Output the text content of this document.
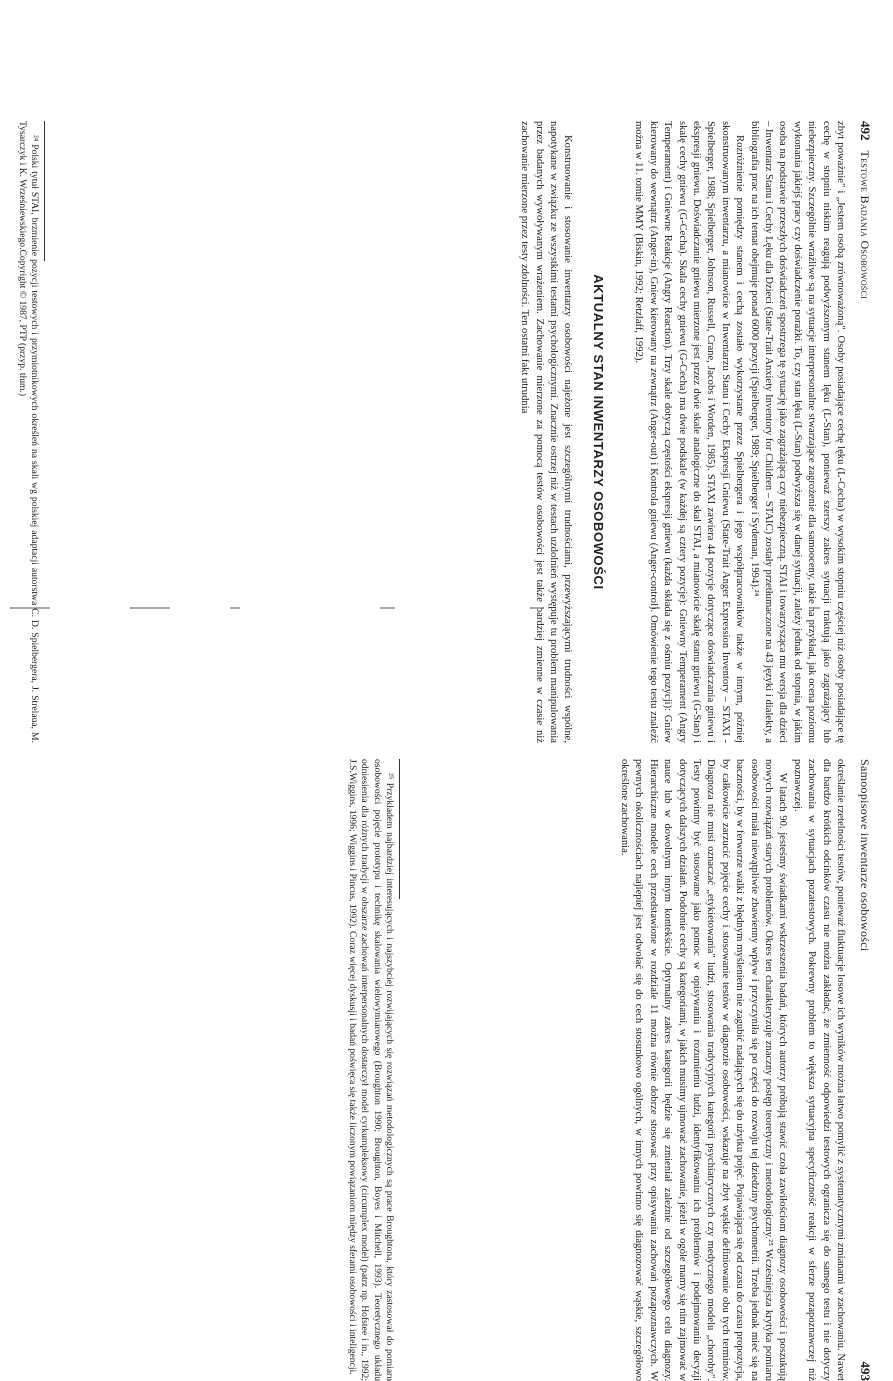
492
Testowe Badania Osobowości

zbyt poważnie" i „Jestem osobą zrównoważoną". Osoby posiadające cechę lęku (L-Cecha) w wysokim stopniu częściej niż osoby posiadające tę cechę w stopniu niskim reagują podwyższonym stanem lęku (L-Stan), ponieważ szerszy zakres sytuacji traktują jako zagrażający lub niebezpieczny. Szczególnie wrażliwe są na sytuacje interpersonalne stwarzające zagrożenie dla samooceny, takie na przykład, jak ocena poziomu wykonania jakiejś pracy czy doświadczenie porażki. To, czy stan lęku (L-Stan) podwyższa się w danej sytuacji, zależy jednak od stopnia, w jakim osoba na podstawie przeszłych doświadczeń spostrzega tę sytuację jako zagrażającą czy niebezpieczną. STAI i towarzysząca mu wersja dla dzieci – Inwentarz Stanu i Cechy Lęku dla Dzieci (State-Trait Anxiety Inventory for Children – STAIC) zostały przetłumaczone na 43 języki i dialekty, a bibliografia prac na ich temat obejmuje ponad 6000 pozycji (Spielberger, 1989; Spielberger i Sydeman, 1994).²⁴

Rozróżnienie pomiędzy stanem i cechą zostało wykorzystane przez Spielbergera i jego współpracowników także w innym, później skonstruowanym inwentarzu, a mianowicie w Inwentarzu Stanu i Cechy Ekspresji Gniewu (State-Trait Anger Expression Inventory – STAXI - Spielberger, 1988; Spielberger, Johnson, Russell, Crane, Jacobs i Worden, 1985). STAXI zawiera 44 pozycje dotyczące doświadczania gniewu i ekspresji gniewu. Doświadczanie gniewu mierzone jest przez dwie skale analogiczne do skal STAI, a mianowicie skalę stanu gniewu (G-Stan) i skalę cechy gniewu (G-Cecha). Skala cechy gniewu (G-Cecha) ma dwie podskale (w każdej są cztery pozycje): Gniewny Temperament (Angry Temperament) i Gniewne Reakcje (Angry Reaction). Trzy skale dotyczą częstości ekspresji gniewu (każda składa się z ośmiu pozycji): Gniew kierowany do wewnątrz (Anger-in), Gniew kierowany na zewnątrz (Anger-out) i Kontrola gniewu (Anger-control). Omówienie tego testu znaleźć można w 11. tomie MMY (Biskin, 1992; Retzlaff, 1992).

AKTUALNY STAN INWENTARZY OSOBOWOŚCI

Konstruowanie i stosowanie inwentarzy osobowości najeżone jest szczególnymi trudnościami, przewyższającymi trudności wspólne, napotykane w związku ze wszystkimi testami psychologicznymi. Znacznie ostrzej niż w testach uzdolnień występuje tu problem manipulowania przez badanych wywoływanym wrażeniem. Zachowanie mierzone za pomocą testów osobowości jest także bardziej zmienne w czasie niż zachowanie mierzone przez testy zdolności. Ten ostatni fakt utrudnia

²⁴ Polski tytuł STAI, brzmienie pozycji testowych i przymiotnikowych określeń na skali wg polskiej adaptacji autorstwa C. D. Spielbergera, J. Strelaua, M. Tysarczyk i K. Wrześniewskiego.Copyright © 1987, PTP (przyp. tłum.)

Samoopisowe inwentarze osobowości
493

określanie rzetelności testów, ponieważ fluktuacje losowe ich wyników można łatwo pomylić z systematycznymi zmianami w zachowaniu. Nawet dla bardzo krótkich odcinków czasu nie można zakładać, że zmienność odpowiedzi testowych ogranicza się do samego testu i nie dotyczy zachowania w sytuacjach pozatestowych. Pokrewny problem to większa sytuacyjna specyficzność reakcji w sferze pozapoznawczej niż poznawczej.

W latach 90. jesteśmy świadkami wskrzeszenia badań, których autorzy próbują stawić czoła zawiłościom diagnozy osobowości i poszukują nowych rozwiązań starych problemów. Okres ten charakteryzuje znaczny postęp teoretyczny i metodologiczny.²⁵ Wcześniejsza krytyka pomiaru osobowości miała niewątpliwie zbawienny wpływ i przyczyniła się po części do rozwoju tej dziedziny psychometrii. Trzeba jednak mieć się na baczności, by w ferworze walki z błędnym myśleniem nie zagubić nadających się do użytku pojęć. Pojawiająca się od czasu do czasu propozycja, by całkowicie zarzucić pojęcie cechy i stosowanie testów w diagnozie osobowości, wskazuje na zbyt wąskie definiowanie obu tych terminów. Diagnoza nie musi oznaczać „etykietowania" ludzi, stosowania tradycyjnych kategorii psychiatrycznych czy medycznego modelu „choroby". Testy powinny być stosowane jako pomoc w opisywaniu i rozumieniu ludzi, identyfikowaniu ich problemów i podejmowaniu decyzji dotyczących dalszych działań. Podobnie cechy są kategoriami, w jakich musimy ujmować zachowanie, jeżeli w ogóle mamy się nim zajmować w nauce lub w dowolnym innym kontekście. Optymalny zakres kategorii będzie się zmieniał zależnie od szczegółowego celu diagnozy. Hierarchiczne modele cech przedstawione w rozdziale 11 można równie dobrze stosować przy opisywaniu zachowań pozapoznawczych. W pewnych okolicznościach najlepiej jest odwołać się do cech stosunkowo ogólnych, w innych powinno się diagnozować wąskie, szczegółowo określone zachowania.

²⁵ Przykładem najbardziej interesujących i najszybciej rozwijających się rozwiązań metodologicznych są prace Broughtona, który zastosował do pomiaru osobowości pojęcie prototypu i technikę skalowania wielowymiarowego (Broughton 1990; Broughton, Boyes i Mitchell, 1993). Teoretycznego układu odniesienia dla różnych tradycji w obszarze zachowań interpersonalnych dostarczył model cyrkumpleksowy (circumplex model) (patrz np. Hofstee i in., 1992; J.S.Wiggins, 1996; Wiggins i Pincus, 1992). Coraz więcej dyskusji i badań poświęca się także liczonym powiązaniom między sferami osobowości i inteligencji.
